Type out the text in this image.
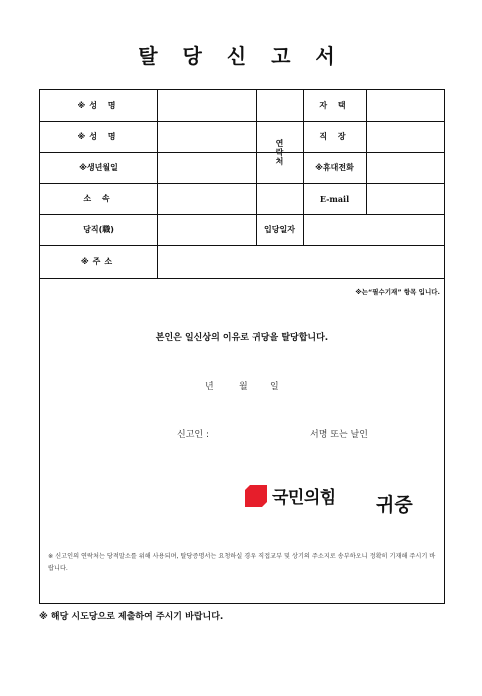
탈 당 신 고 서
※성 명
※성 명
※생년월일
소 속
당직(職)
※주소
연락처
자 택
직 장
※휴대전화
E-mail
입당일자
※는“필수기재” 항목 입니다.
본인은 일신상의 이유로 귀당을 탈당합니다.
년	월 일
신고인 :	서명 또는 날인
국민의힘 귀중
※ 신고인의 연락처는 당적말소를 위해 사용되며, 탈당증명서는 요청하실 경우 직접교부 및 상기의 주소지로 송부하오니 정확히 기재해 주시기 바랍니다.
※ 해당 시도당으로 제출하여 주시기 바랍니다.
